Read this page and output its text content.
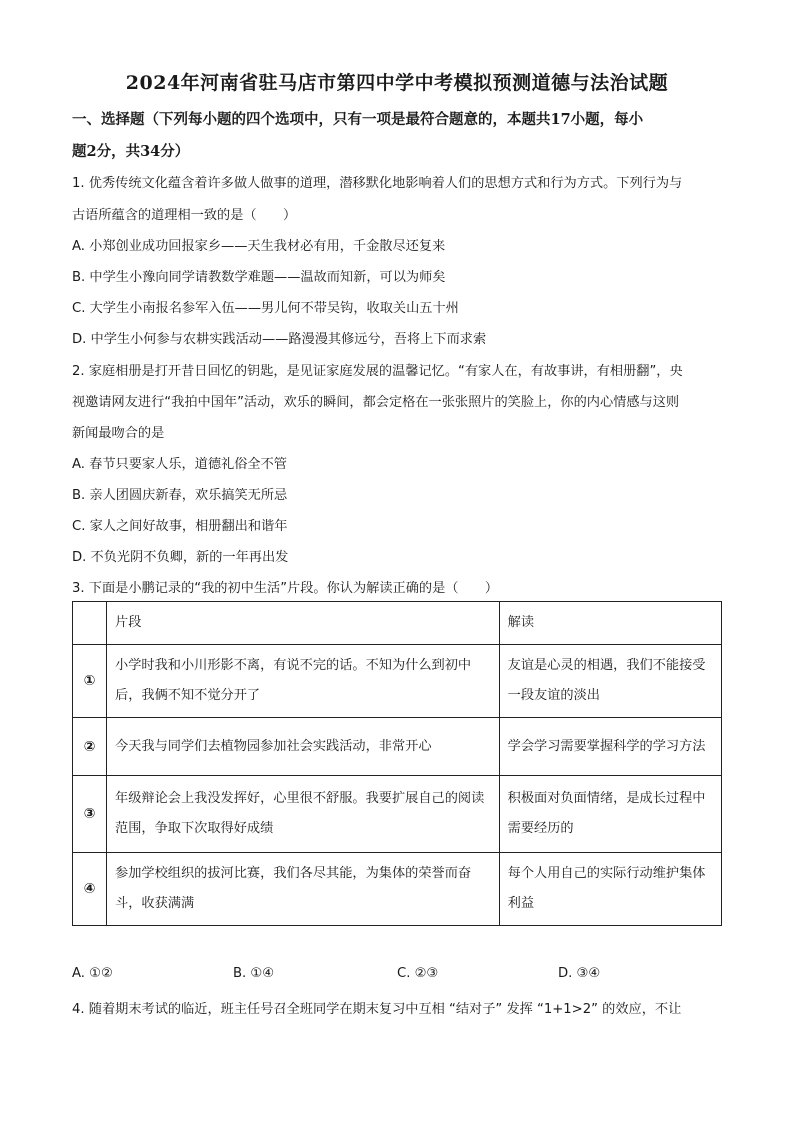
2024年河南省驻马店市第四中学中考模拟预测道德与法治试题
一、选择题（下列每小题的四个选项中，只有一项是最符合题意的，本题共17小题，每小
题2分，共34分）
1. 优秀传统文化蕴含着许多做人做事的道理，潜移默化地影响着人们的思想方式和行为方式。下列行为与
古语所蕴含的道理相一致的是（　　）
A. 小郑创业成功回报家乡——天生我材必有用，千金散尽还复来
B. 中学生小豫向同学请教数学难题——温故而知新，可以为师矣
C. 大学生小南报名参军入伍——男儿何不带吴钩，收取关山五十州
D. 中学生小何参与农耕实践活动——路漫漫其修远兮，吾将上下而求索
2. 家庭相册是打开昔日回忆的钥匙，是见证家庭发展的温馨记忆。“有家人在，有故事讲，有相册翻”，央
视邀请网友进行“我拍中国年”活动，欢乐的瞬间，都会定格在一张张照片的笑脸上，你的内心情感与这则
新闻最吻合的是
A. 春节只要家人乐，道德礼俗全不管
B. 亲人团圆庆新春，欢乐搞笑无所忌
C. 家人之间好故事，相册翻出和谐年
D. 不负光阴不负卿，新的一年再出发
3. 下面是小鹏记录的“我的初中生活”片段。你认为解读正确的是（　　）
	片段	解读
①	小学时我和小川形影不离，有说不完的话。不知为什么到初中后，我俩不知不觉分开了	友谊是心灵的相遇，我们不能接受一段友谊的淡出
②	今天我与同学们去植物园参加社会实践活动，非常开心	学会学习需要掌握科学的学习方法
③	年级辩论会上我没发挥好，心里很不舒服。我要扩展自己的阅读范围，争取下次取得好成绩	积极面对负面情绪，是成长过程中需要经历的
④	参加学校组织的拔河比赛，我们各尽其能，为集体的荣誉而奋斗，收获满满	每个人用自己的实际行动维护集体利益
A. ①②	B. ①④	C. ②③	D. ③④
4. 随着期末考试的临近，班主任号召全班同学在期末复习中互相 “结对子” 发挥 “1+1>2” 的效应，不让
